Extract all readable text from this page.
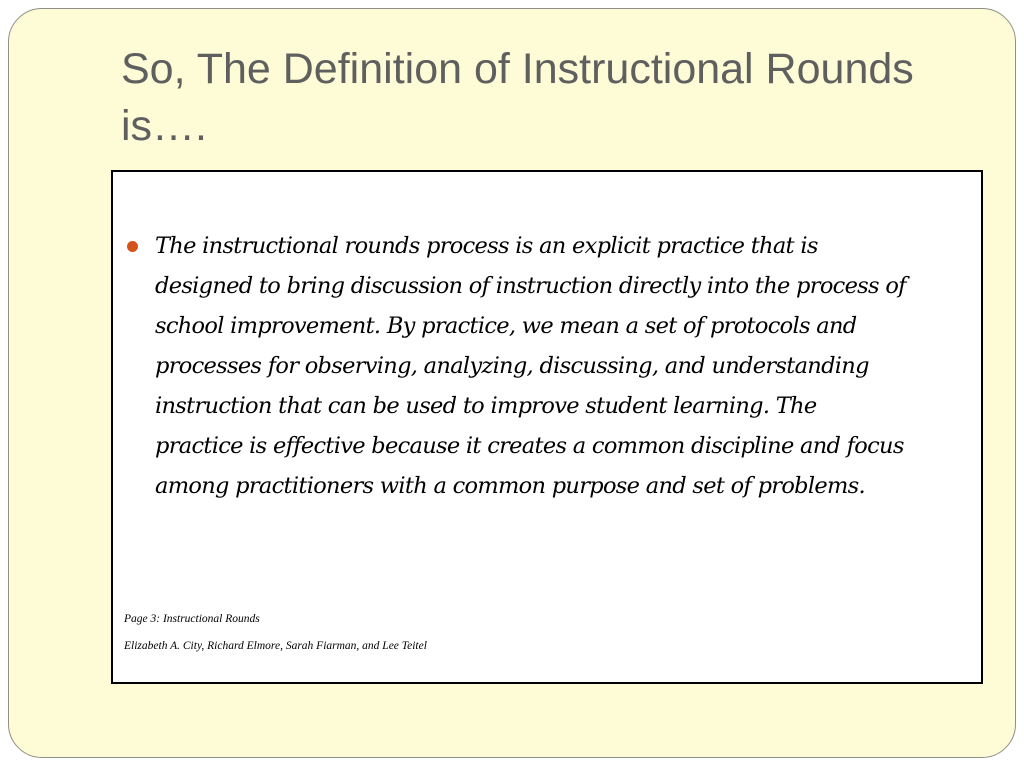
So, The Definition of Instructional Rounds is….

The instructional rounds process is an explicit practice that is
designed to bring discussion of instruction directly into the process of
school improvement. By practice, we mean a set of protocols and
processes for observing, analyzing, discussing, and understanding
instruction that can be used to improve student learning. The
practice is effective because it creates a common discipline and focus
among practitioners with a common purpose and set of problems.

Page 3: Instructional Rounds

Elizabeth A. City, Richard Elmore, Sarah Fiarman, and Lee Teitel
